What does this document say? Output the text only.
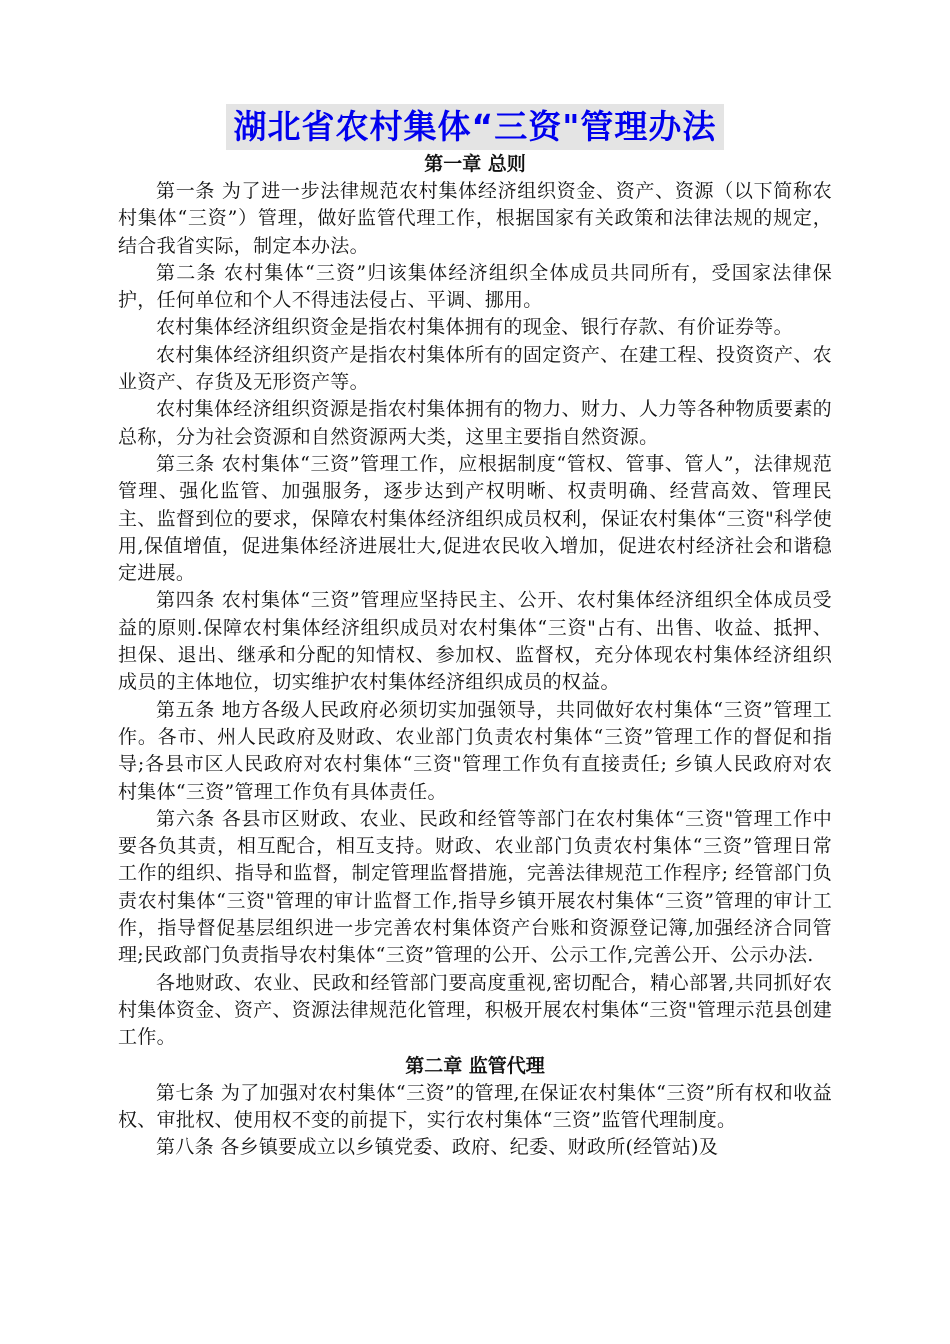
湖北省农村集体“三资"管理办法
第一章 总则

第一条 为了进一步法律规范农村集体经济组织资金、资产、资源（以下简称农村集体“三资”）管理，做好监管代理工作，根据国家有关政策和法律法规的规定，结合我省实际，制定本办法。

第二条 农村集体“三资”归该集体经济组织全体成员共同所有，受国家法律保护，任何单位和个人不得违法侵占、平调、挪用。

农村集体经济组织资金是指农村集体拥有的现金、银行存款、有价证券等。

农村集体经济组织资产是指农村集体所有的固定资产、在建工程、投资资产、农业资产、存货及无形资产等。

农村集体经济组织资源是指农村集体拥有的物力、财力、人力等各种物质要素的总称，分为社会资源和自然资源两大类，这里主要指自然资源。

第三条 农村集体“三资”管理工作，应根据制度“管权、管事、管人”，法律规范管理、强化监管、加强服务，逐步达到产权明晰、权责明确、经营高效、管理民主、监督到位的要求，保障农村集体经济组织成员权利，保证农村集体“三资"科学使用,保值增值，促进集体经济进展壮大,促进农民收入增加，促进农村经济社会和谐稳定进展。

第四条 农村集体“三资”管理应坚持民主、公开、农村集体经济组织全体成员受益的原则.保障农村集体经济组织成员对农村集体“三资"占有、出售、收益、抵押、担保、退出、继承和分配的知情权、参加权、监督权，充分体现农村集体经济组织成员的主体地位，切实维护农村集体经济组织成员的权益。

第五条 地方各级人民政府必须切实加强领导，共同做好农村集体“三资”管理工作。各市、州人民政府及财政、农业部门负责农村集体“三资”管理工作的督促和指导;各县市区人民政府对农村集体“三资"管理工作负有直接责任; 乡镇人民政府对农村集体“三资”管理工作负有具体责任。

第六条 各县市区财政、农业、民政和经管等部门在农村集体“三资"管理工作中要各负其责，相互配合，相互支持。财政、农业部门负责农村集体“三资”管理日常工作的组织、指导和监督，制定管理监督措施，完善法律规范工作程序; 经管部门负责农村集体“三资"管理的审计监督工作,指导乡镇开展农村集体“三资”管理的审计工作，指导督促基层组织进一步完善农村集体资产台账和资源登记簿,加强经济合同管理;民政部门负责指导农村集体“三资”管理的公开、公示工作,完善公开、公示办法.

各地财政、农业、民政和经管部门要高度重视,密切配合，精心部署,共同抓好农村集体资金、资产、资源法律规范化管理，积极开展农村集体“三资"管理示范县创建工作。

第二章 监管代理

第七条 为了加强对农村集体“三资”的管理,在保证农村集体“三资”所有权和收益权、审批权、使用权不变的前提下，实行农村集体“三资”监管代理制度。

第八条 各乡镇要成立以乡镇党委、政府、纪委、财政所(经管站)及
